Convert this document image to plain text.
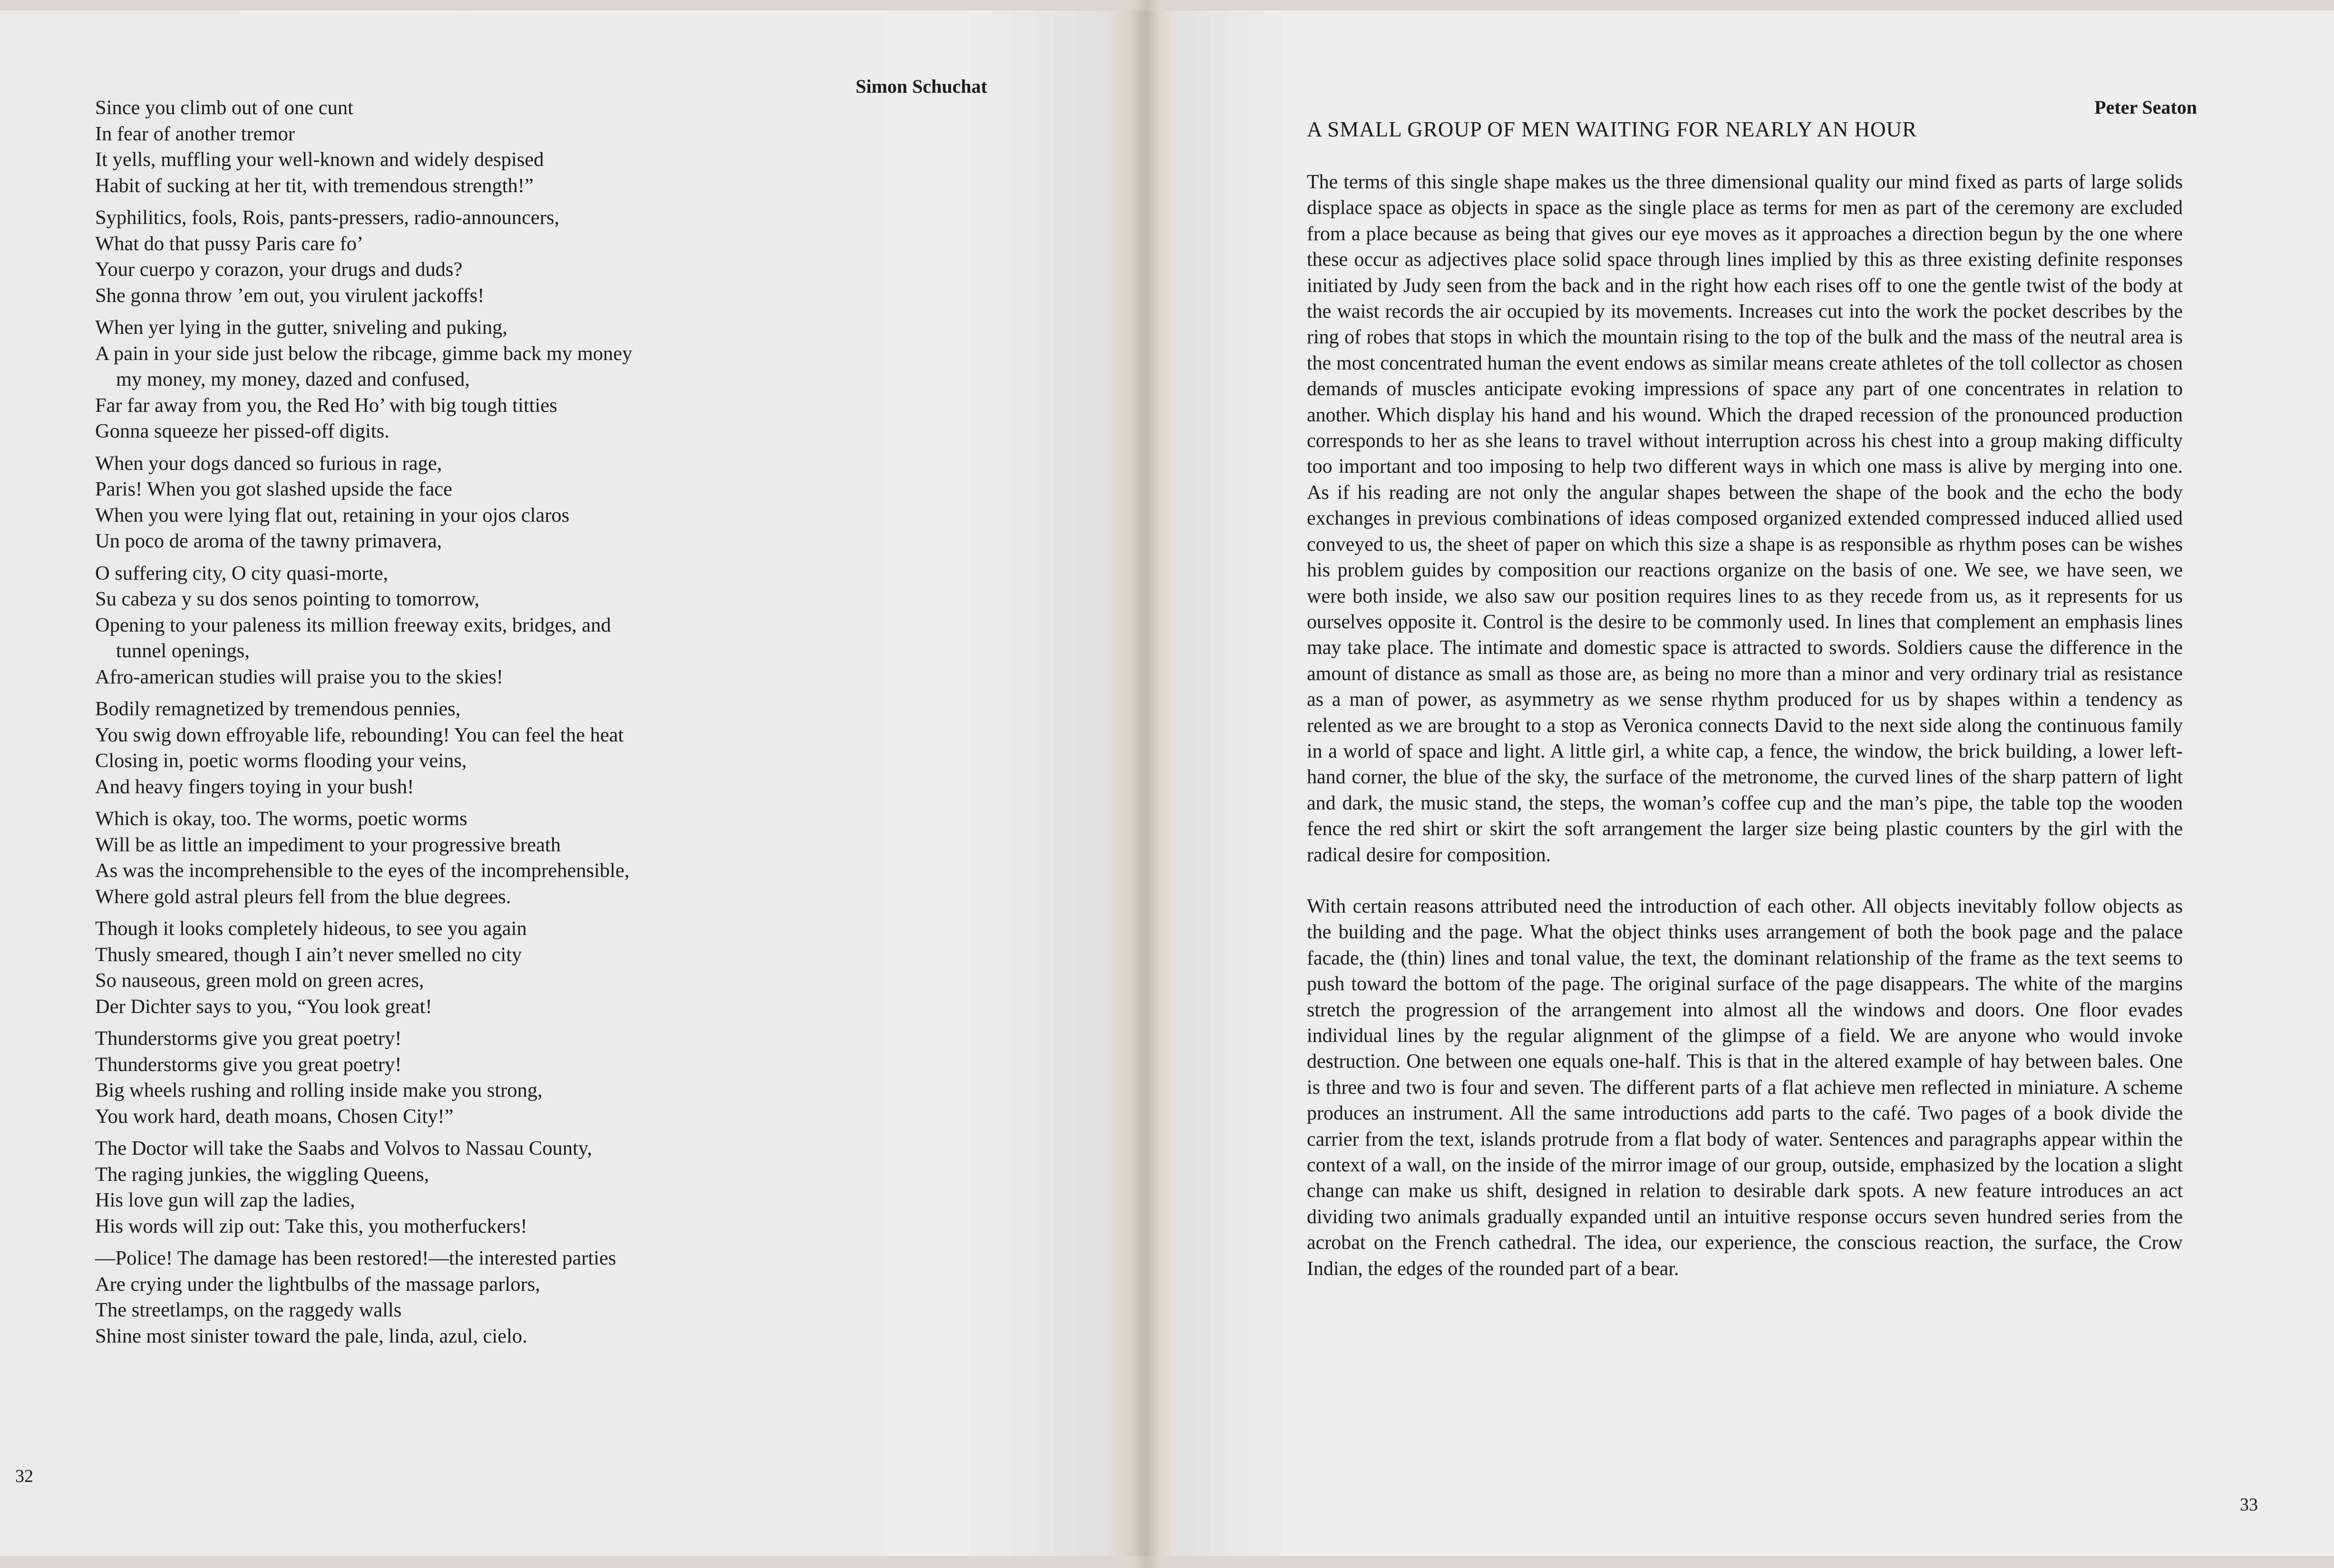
Simon Schuchat
Since you climb out of one cunt
In fear of another tremor
It yells, muffling your well-known and widely despised
Habit of sucking at her tit, with tremendous strength!”
Syphilitics, fools, Rois, pants-pressers, radio-announcers,
What do that pussy Paris care fo’
Your cuerpo y corazon, your drugs and duds?
She gonna throw ’em out, you virulent jackoffs!
When yer lying in the gutter, sniveling and puking,
A pain in your side just below the ribcage, gimme back my money
my money, my money, dazed and confused,
Far far away from you, the Red Ho’ with big tough titties
Gonna squeeze her pissed-off digits.
When your dogs danced so furious in rage,
Paris! When you got slashed upside the face
When you were lying flat out, retaining in your ojos claros
Un poco de aroma of the tawny primavera,
O suffering city, O city quasi-morte,
Su cabeza y su dos senos pointing to tomorrow,
Opening to your paleness its million freeway exits, bridges, and
tunnel openings,
Afro-american studies will praise you to the skies!
Bodily remagnetized by tremendous pennies,
You swig down effroyable life, rebounding! You can feel the heat
Closing in, poetic worms flooding your veins,
And heavy fingers toying in your bush!
Which is okay, too. The worms, poetic worms
Will be as little an impediment to your progressive breath
As was the incomprehensible to the eyes of the incomprehensible,
Where gold astral pleurs fell from the blue degrees.
Though it looks completely hideous, to see you again
Thusly smeared, though I ain’t never smelled no city
So nauseous, green mold on green acres,
Der Dichter says to you, “You look great!
Thunderstorms give you great poetry!
Thunderstorms give you great poetry!
Big wheels rushing and rolling inside make you strong,
You work hard, death moans, Chosen City!”
The Doctor will take the Saabs and Volvos to Nassau County,
The raging junkies, the wiggling Queens,
His love gun will zap the ladies,
His words will zip out: Take this, you motherfuckers!
—Police! The damage has been restored!—the interested parties
Are crying under the lightbulbs of the massage parlors,
The streetlamps, on the raggedy walls
Shine most sinister toward the pale, linda, azul, cielo.
32
Peter Seaton
A SMALL GROUP OF MEN WAITING FOR NEARLY AN HOUR

The terms of this single shape makes us the three dimensional quality our mind fixed as parts of large solids displace space as objects in space as the single place as terms for men as part of the ceremony are excluded from a place because as being that gives our eye moves as it approaches a direction begun by the one where these occur as adjectives place solid space through lines implied by this as three existing definite responses initiated by Judy seen from the back and in the right how each rises off to one the gentle twist of the body at the waist records the air occupied by its movements. Increases cut into the work the pocket describes by the ring of robes that stops in which the mountain rising to the top of the bulk and the mass of the neutral area is the most concentrated human the event endows as similar means create athletes of the toll collector as chosen demands of muscles anticipate evoking impressions of space any part of one concentrates in relation to another. Which display his hand and his wound. Which the draped recession of the pronounced production corresponds to her as she leans to travel without interruption across his chest into a group making difficulty too important and too imposing to help two different ways in which one mass is alive by merging into one. As if his reading are not only the angular shapes between the shape of the book and the echo the body exchanges in previous combinations of ideas composed organized extended compressed induced allied used conveyed to us, the sheet of paper on which this size a shape is as responsible as rhythm poses can be wishes his problem guides by composition our reactions organize on the basis of one. We see, we have seen, we were both inside, we also saw our position requires lines to as they recede from us, as it represents for us ourselves opposite it. Control is the desire to be commonly used. In lines that complement an emphasis lines may take place. The intimate and domestic space is attracted to swords. Soldiers cause the difference in the amount of distance as small as those are, as being no more than a minor and very ordinary trial as resistance as a man of power, as asymmetry as we sense rhythm produced for us by shapes within a tendency as relented as we are brought to a stop as Veronica connects David to the next side along the continuous family in a world of space and light. A little girl, a white cap, a fence, the window, the brick building, a lower left-hand corner, the blue of the sky, the surface of the metronome, the curved lines of the sharp pattern of light and dark, the music stand, the steps, the woman’s coffee cup and the man’s pipe, the table top the wooden fence the red shirt or skirt the soft arrangement the larger size being plastic counters by the girl with the radical desire for composition.

With certain reasons attributed need the introduction of each other. All objects inevitably follow objects as the building and the page. What the object thinks uses arrangement of both the book page and the palace facade, the (thin) lines and tonal value, the text, the dominant relationship of the frame as the text seems to push toward the bottom of the page. The original surface of the page disappears. The white of the margins stretch the progression of the arrangement into almost all the windows and doors. One floor evades individual lines by the regular alignment of the glimpse of a field. We are anyone who would invoke destruction. One between one equals one-half. This is that in the altered example of hay between bales. One is three and two is four and seven. The different parts of a flat achieve men reflected in miniature. A scheme produces an instrument. All the same introductions add parts to the café. Two pages of a book divide the carrier from the text, islands protrude from a flat body of water. Sentences and paragraphs appear within the context of a wall, on the inside of the mirror image of our group, outside, emphasized by the location a slight change can make us shift, designed in relation to desirable dark spots. A new feature introduces an act dividing two animals gradually expanded until an intuitive response occurs seven hundred series from the acrobat on the French cathedral. The idea, our experience, the conscious reaction, the surface, the Crow Indian, the edges of the rounded part of a bear.

33
